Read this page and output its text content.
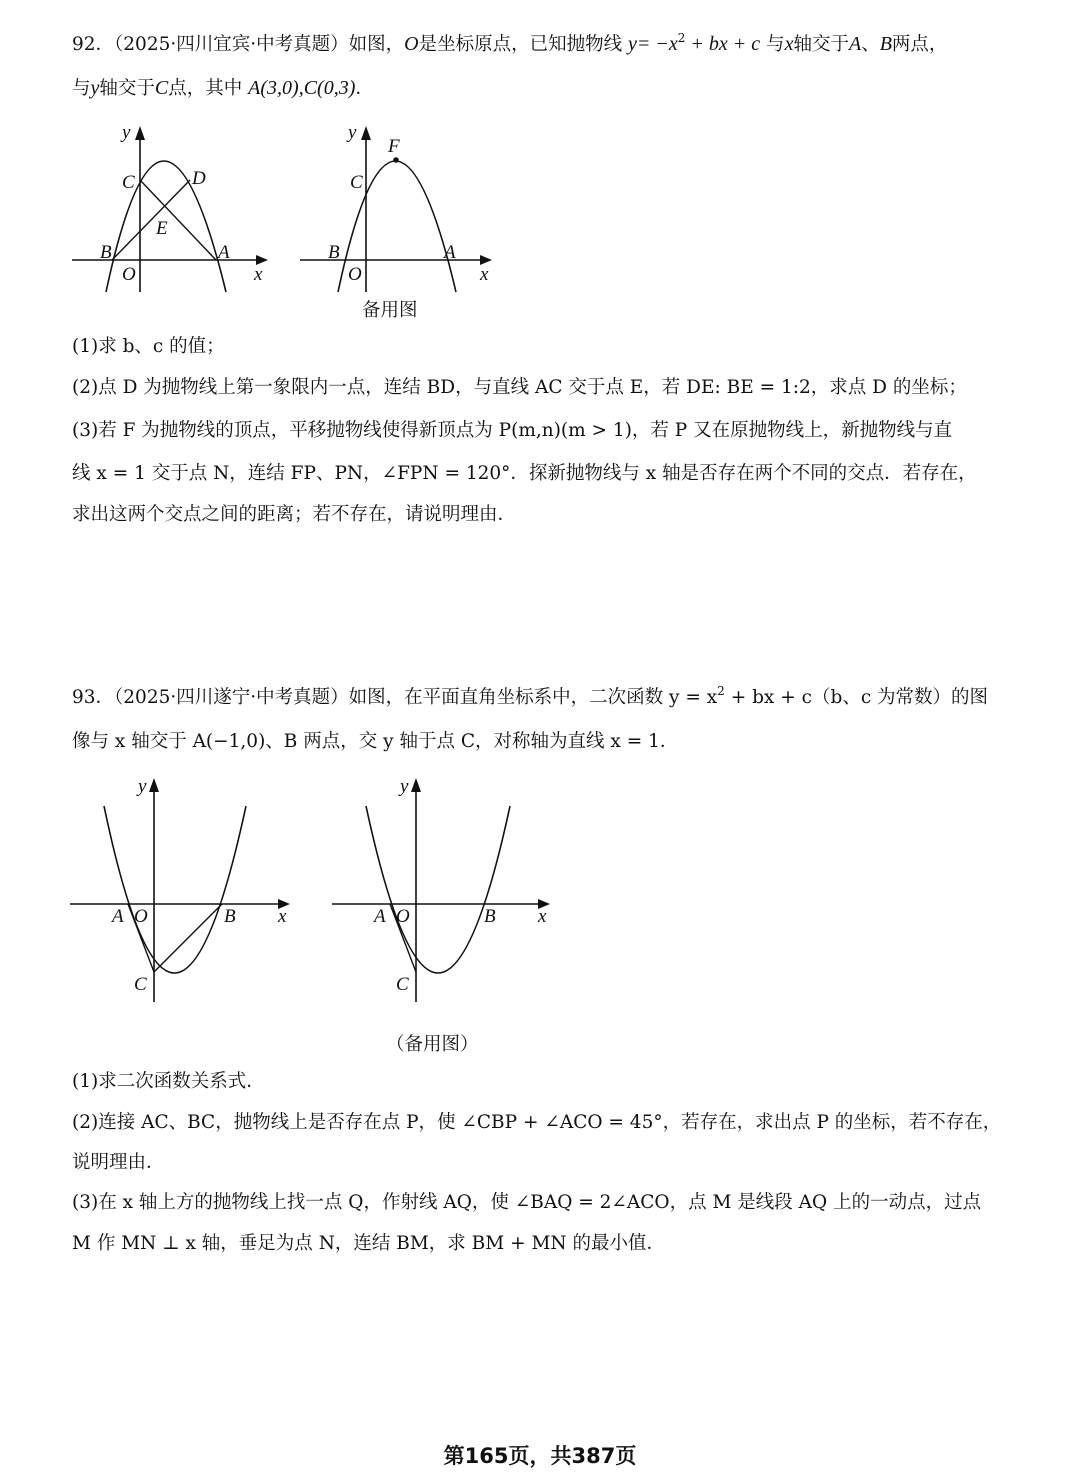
92．（2025·四川宜宾·中考真题）如图，O是坐标原点，已知抛物线 $y= -x^2$ + bx + c 与x轴交于A、B两点，
与y轴交于C点，其中 A(3,0),C(0,3)．
y
x
O
B	A
C	D
E
y
x
O
B	A
C
F
备用图
(1)求 b、c 的值；
(2)点 D 为抛物线上第一象限内一点，连结 BD，与直线 AC 交于点 E，若 DE: BE = 1:2，求点 D 的坐标；
(3)若 F 为抛物线的顶点，平移抛物线使得新顶点为 P(m,n)(m > 1)，若 P 又在原抛物线上，新抛物线与直
线 x = 1 交于点 N，连结 FP、PN，∠FPN = 120°．探新抛物线与 x 轴是否存在两个不同的交点．若存在，
求出这两个交点之间的距离；若不存在，请说明理由．
93．（2025·四川遂宁·中考真题）如图，在平面直角坐标系中，二次函数 $y = x^2$ + bx + c（b、c 为常数）的图
像与 x 轴交于 A(−1,0)、B 两点，交 y 轴于点 C，对称轴为直线 x = 1．
y
x
A O	B
C
y
x
A O	B
C
（备用图）
(1)求二次函数关系式．
(2)连接 AC、BC，抛物线上是否存在点 P，使 ∠CBP + ∠ACO = 45°，若存在，求出点 P 的坐标，若不存在，
说明理由．
(3)在 x 轴上方的抛物线上找一点 Q，作射线 AQ，使 ∠BAQ = 2∠ACO，点 M 是线段 AQ 上的一动点，过点
M 作 MN ⊥ x 轴，垂足为点 N，连结 BM，求 BM + MN 的最小值．
第165页，共387页
